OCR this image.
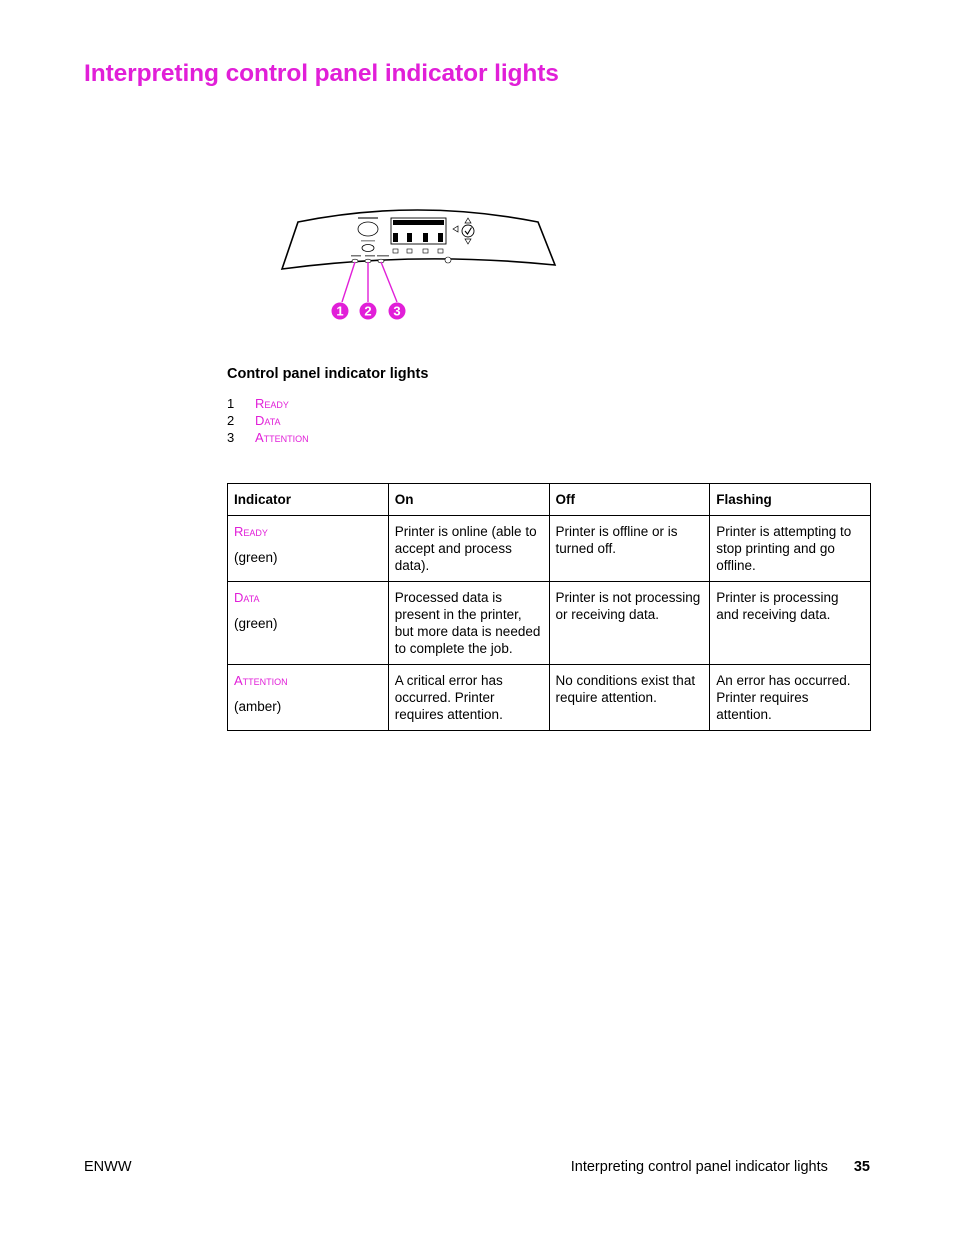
Interpreting control panel indicator lights
1 2 3
Control panel indicator lights
1	Ready
2	Data
3	Attention
Indicator	On	Off	Flashing

Ready
(green)	Printer is online (able to accept and process data).	Printer is offline or is turned off.	Printer is attempting to stop printing and go offline.

Data
(green)	Processed data is present in the printer, but more data is needed to complete the job.	Printer is not processing or receiving data.	Printer is processing and receiving data.

Attention
(amber)	A critical error has occurred. Printer requires attention.	No conditions exist that require attention.	An error has occurred. Printer requires attention.
ENWW	Interpreting control panel indicator lights 35
